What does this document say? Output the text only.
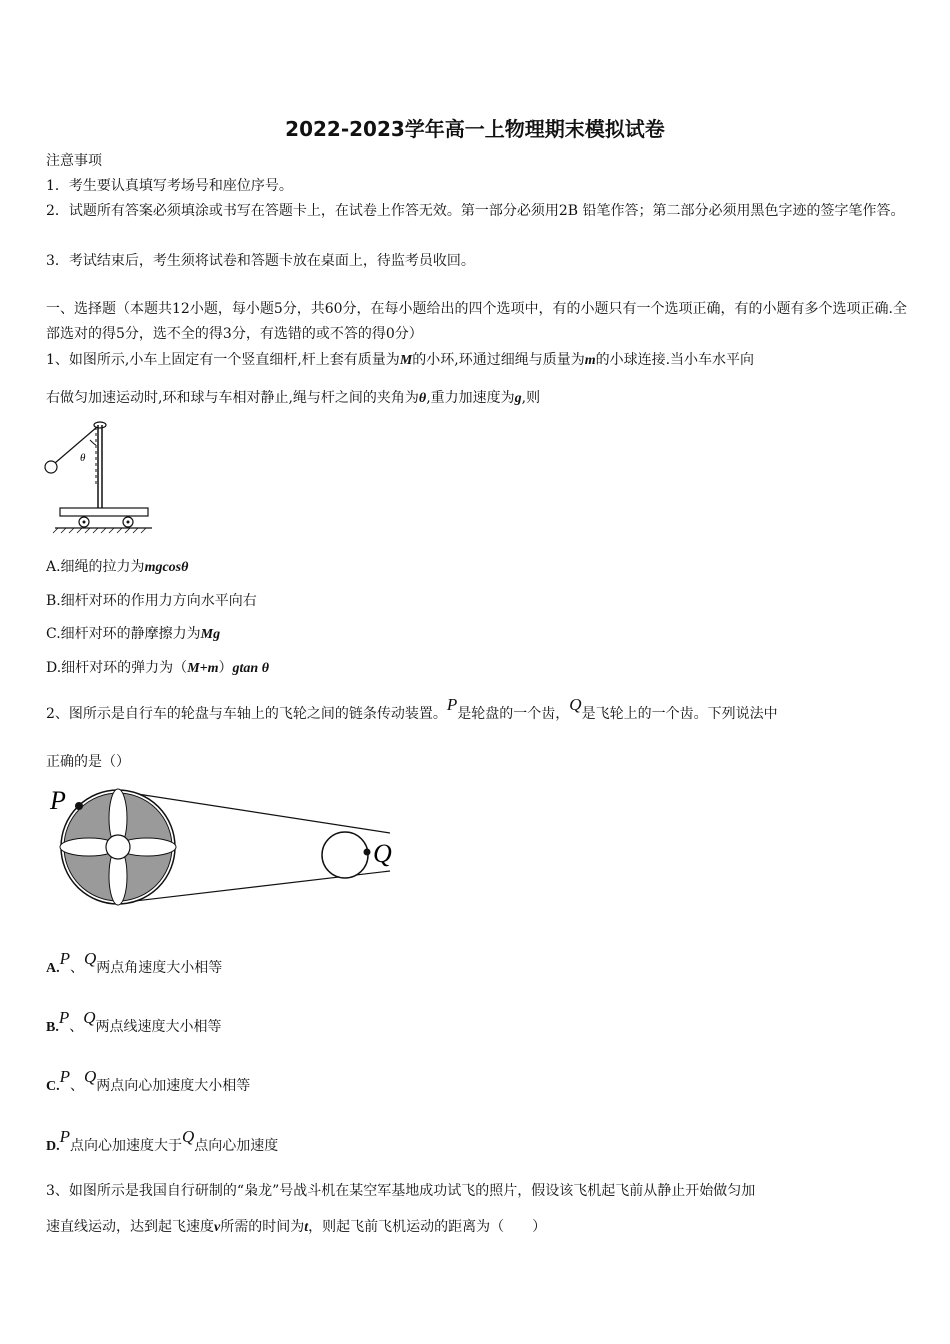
2022-2023学年高一上物理期末模拟试卷
注意事项
1．考生要认真填写考场号和座位序号。
2．试题所有答案必须填涂或书写在答题卡上，在试卷上作答无效。第一部分必须用2B 铅笔作答；第二部分必须用黑色字迹的签字笔作答。
3．考试结束后，考生须将试卷和答题卡放在桌面上，待监考员收回。
一、选择题（本题共12小题，每小题5分，共60分，在每小题给出的四个选项中，有的小题只有一个选项正确，有的小题有多个选项正确.全部选对的得5分，选不全的得3分，有选错的或不答的得0分）
1、如图所示,小车上固定有一个竖直细杆,杆上套有质量为M的小环,环通过细绳与质量为m的小球连接.当小车水平向
右做匀加速运动时,环和球与车相对静止,绳与杆之间的夹角为θ,重力加速度为g,则
θ
A.细绳的拉力为mgcosθ
B.细杆对环的作用力方向水平向右
C.细杆对环的静摩擦力为Mg
D.细杆对环的弹力为（M+m）gtan θ
2、图所示是自行车的轮盘与车轴上的飞轮之间的链条传动装置。P是轮盘的一个齿，Q是飞轮上的一个齿。下列说法中
正确的是（）
P
Q
A.P、Q两点角速度大小相等
B.P、Q两点线速度大小相等
C.P、Q两点向心加速度大小相等
D.P点向心加速度大于Q点向心加速度
3、如图所示是我国自行研制的“枭龙”号战斗机在某空军基地成功试飞的照片，假设该飞机起飞前从静止开始做匀加
速直线运动，达到起飞速度v所需的时间为t，则起飞前飞机运动的距离为（　　）
